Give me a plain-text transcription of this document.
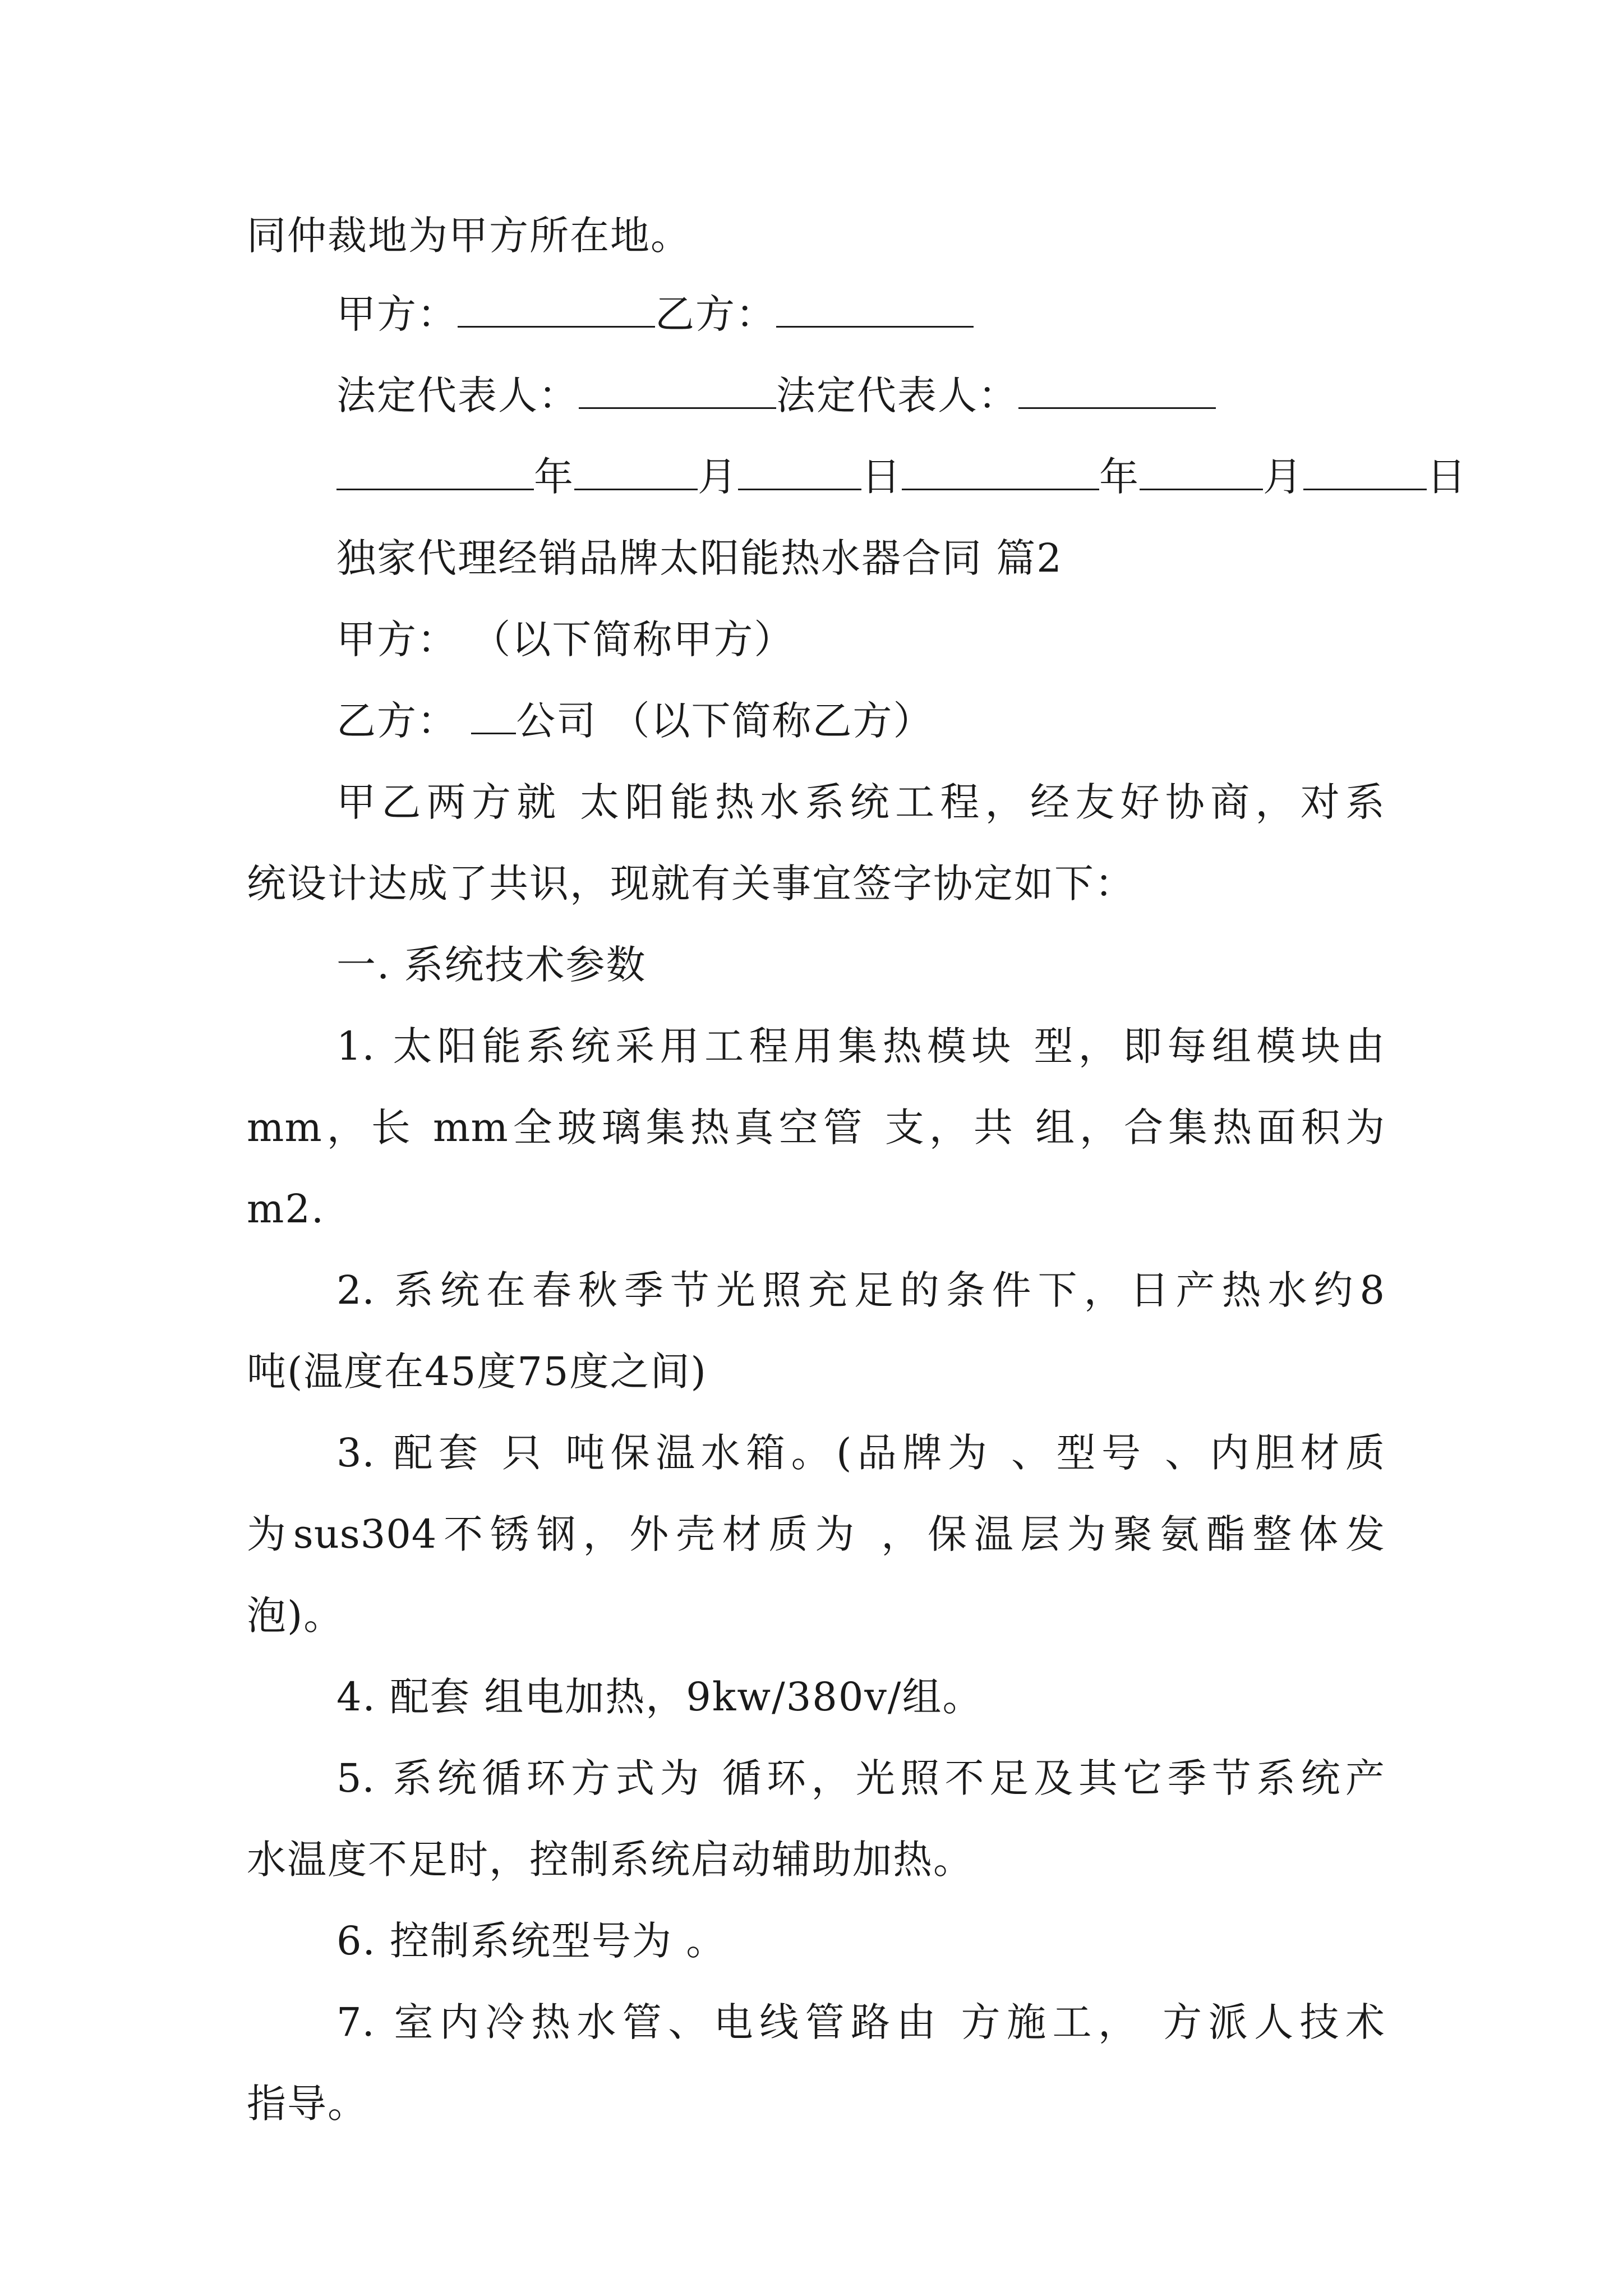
同仲裁地为甲方所在地。
甲方：	乙方：
法定代表人：	法定代表人：
年	月	日	年	月	日
独家代理经销品牌太阳能热水器合同 篇2
甲方： （以下简称甲方）
乙方： 公司 （以下简称乙方）
甲乙两方就 太阳能热水系统工程，经友好协商，对系
统设计达成了共识，现就有关事宜签字协定如下：
一. 系统技术参数
1. 太阳能系统采用工程用集热模块 型，即每组模块由
mm，长 mm全玻璃集热真空管 支，共 组，合集热面积为
m2.
2. 系统在春秋季节光照充足的条件下，日产热水约8
吨(温度在45度75度之间)
3. 配套 只 吨保温水箱。(品牌为 、型号 、内胆材质
为sus304不锈钢，外壳材质为 ，保温层为聚氨酯整体发
泡)。
4. 配套 组电加热，9kw/380v/组。
5. 系统循环方式为 循环，光照不足及其它季节系统产
水温度不足时，控制系统启动辅助加热。
6. 控制系统型号为 。
7. 室内冷热水管、电线管路由 方施工， 方派人技术
指导。
